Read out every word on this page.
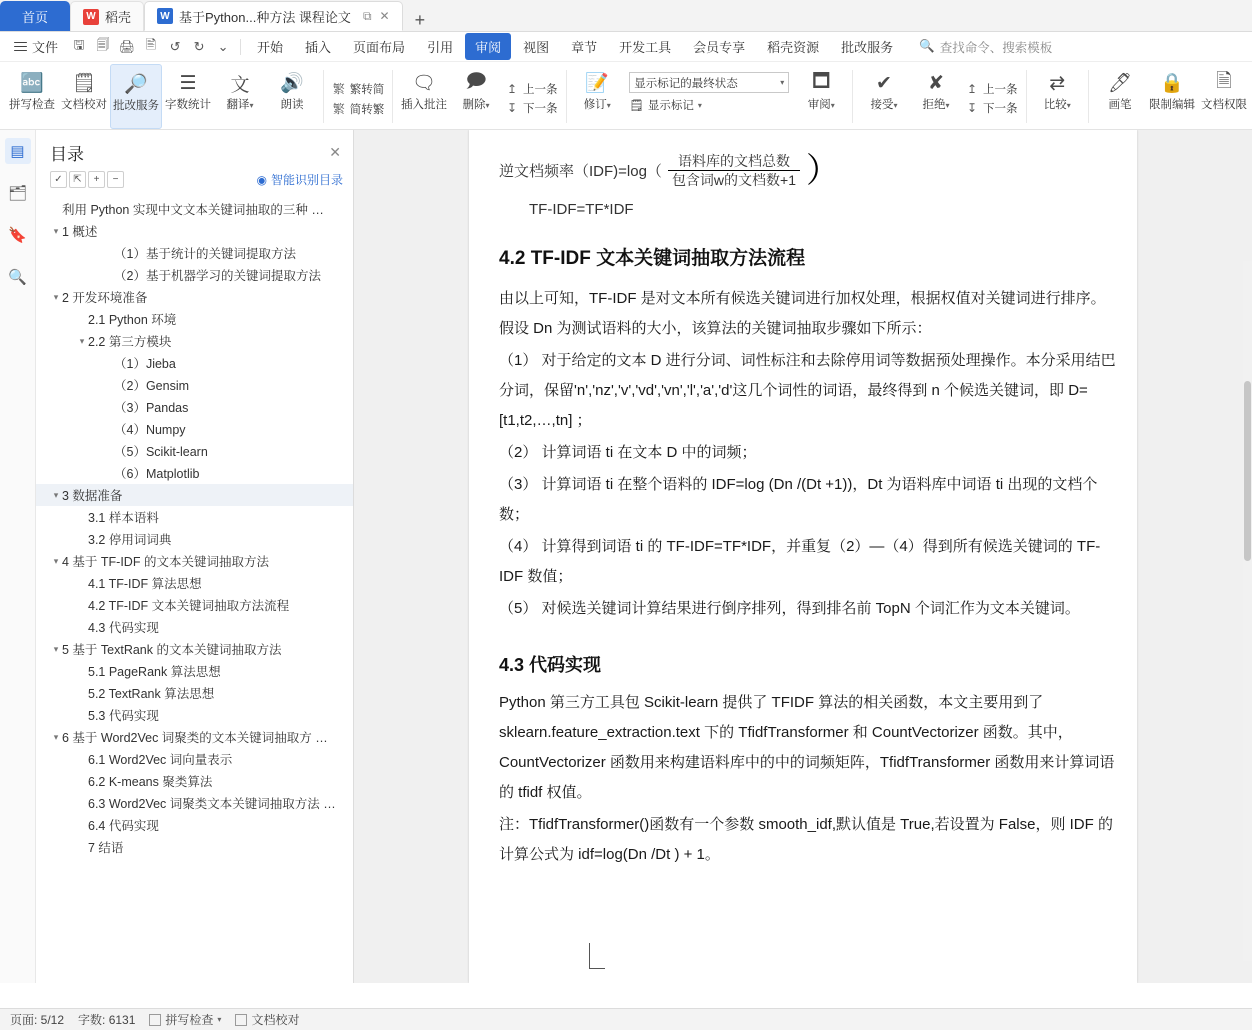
首页	W 稻壳	W 基于Python...种方法 课程论文 ⧉ ✕	+
文件	🖫 🗐 🖨 🖹	↺	↻	⌄	开始	插入	页面布局	引用	审阅	视图	章节	开发工具	会员专享	稻壳资源	批改服务	🔍 查找命令、搜索模板
🔤
拼写检查
🗒
文档校对
🔎
批改服务
☰
字数统计
文
翻译▾
🔊
朗读
繁 繁转简
繁 简转繁
🗨
插入批注
🗩
删除▾
↥ 上一条
↧ 下一条
📝
修订▾
显示标记的最终状态	▾
🗒 显示标记 ▾
🗖
审阅▾
✔
接受▾
✘
拒绝▾
↥ 上一条
↧ 下一条
⇄
比较▾
🖊
画笔
🔒
限制编辑
🗎
文档权限
▤
🗂
🔖
🔍
目录	✕
✓	⇱	+	−	◉ 智能识别目录
利用 Python 实现中文文本关键词抽取的三种 …
▾ 1 概述
（1）基于统计的关键词提取方法
（2）基于机器学习的关键词提取方法
▾ 2 开发环境准备
2.1 Python 环境
▾ 2.2 第三方模块
（1）Jieba
（2）Gensim
（3）Pandas
（4）Numpy
（5）Scikit-learn
（6）Matplotlib
▾ 3 数据准备
3.1 样本语料
3.2 停用词词典
▾ 4 基于 TF-IDF 的文本关键词抽取方法
4.1 TF-IDF 算法思想
4.2 TF-IDF 文本关键词抽取方法流程
4.3 代码实现
▾ 5 基于 TextRank 的文本关键词抽取方法
5.1 PageRank 算法思想
5.2 TextRank 算法思想
5.3 代码实现
▾ 6 基于 Word2Vec 词聚类的文本关键词抽取方 …
6.1 Word2Vec 词向量表示
6.2 K-means 聚类算法
6.3 Word2Vec 词聚类文本关键词抽取方法 …
6.4 代码实现
7 结语
逆文档频率$(IDF)=\log( \frac{\text{语料库的文档总数}}{\text{包含词w的文档数+1}}$ ）
TF-IDF=TF*IDF
4.2 TF-IDF 文本关键词抽取方法流程

由以上可知，TF-IDF 是对文本所有候选关键词进行加权处理，根据权值对关键词进行排序。假设 Dn 为测试语料的大小，该算法的关键词抽取步骤如下所示：

（1） 对于给定的文本 D 进行分词、词性标注和去除停用词等数据预处理操作。本分采用结巴分词，保留'n','nz','v','vd','vn','l','a','d'这几个词性的词语，最终得到 n 个候选关键词，即 D=[t1,t2,…,tn] ；

（2） 计算词语 ti 在文本 D 中的词频；

（3） 计算词语 ti 在整个语料的 IDF=log (Dn /(Dt +1))，Dt 为语料库中词语 ti 出现的文档个数；

（4） 计算得到词语 ti 的 TF-IDF=TF*IDF，并重复（2）—（4）得到所有候选关键词的 TF-IDF 数值；

（5） 对候选关键词计算结果进行倒序排列，得到排名前 TopN 个词汇作为文本关键词。

4.3 代码实现

Python 第三方工具包 Scikit-learn 提供了 TFIDF 算法的相关函数，本文主要用到了 sklearn.feature_extraction.text 下的 TfidfTransformer 和 CountVectorizer 函数。其中，CountVectorizer 函数用来构建语料库中的中的词频矩阵，TfidfTransformer 函数用来计算词语的 tfidf 权值。

注：TfidfTransformer()函数有一个参数 smooth_idf,默认值是 True,若设置为 False，则 IDF 的计算公式为 idf=log(Dn /Dt ) + 1。

页面: 5/12 字数: 6131	拼写检查 ▾	文档校对
